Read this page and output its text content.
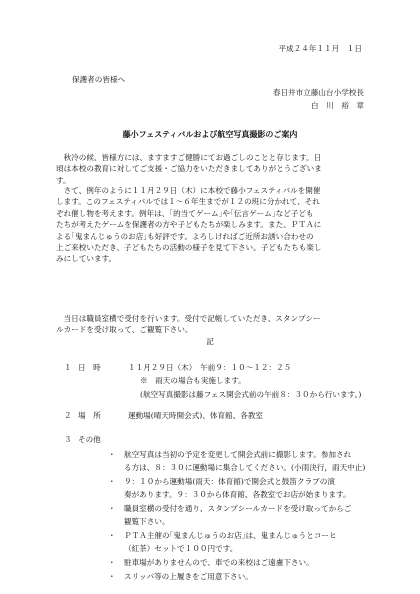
平成２４年１１月　１日
保護者の皆様へ
春日井市立藤山台小学校長
白　川　裕　章
藤小フェスティバルおよび航空写真撮影のご案内
　秋冷の候、皆様方には、ますますご健勝にてお過ごしのことと存じます。日
頃は本校の教育に対してご支援・ご協力をいただきましてありがとうございま
す。
　さて、例年のように１１月２９日（木）に本校で藤小フェスティバルを開催
します。このフェスティバルでは１～６年生までが１２の班に分かれて、それ
ぞれ催し物を考えます。例年は、｢的当てゲーム｣や｢伝言ゲーム｣など子ども
たちが考えたゲームを保護者の方や子どもたちが楽しみます。また、ＰＴＡに
よる｢鬼まんじゅうのお店｣も好評です。よろしければご近所お誘い合わせの
上ご来校いただき、子どもたちの活動の様子を見て下さい。子どもたちも楽し
みにしています。
　当日は職員室横で受付を行います。受付で記帳していただき、スタンプシー
ルカードを受け取って、ご観覧下さい。
記
１ 日　時	１１月２９日（木）　午前９：１０～１２：２５
※　雨天の場合も実施します。
(航空写真撮影は藤フェス開会式前の午前８：３０から行います。)
２ 場　所	運動場(晴天時開会式)、体育館、各教室
３ その他
・ 航空写真は当初の予定を変更して開会式前に撮影します。参加され
る方は、８：３０に運動場に集合してください。(小雨決行，雨天中止)
・ ９：１０から運動場(雨天：体育館)で開会式と鼓笛クラブの演
奏があります。９：３０から体育館、各教室でお店が始まります。
・ 職員室横の受付を通り、スタンプシールカードを受け取ってからご
観覧下さい。
・ ＰＴＡ主催の｢鬼まんじゅうのお店｣は、鬼まんじゅうとコーヒ
（紅茶）セットで１００円です。
・ 駐車場がありませんので、車での来校はご遠慮下さい。
・ スリッパ等の上履きをご用意下さい。
